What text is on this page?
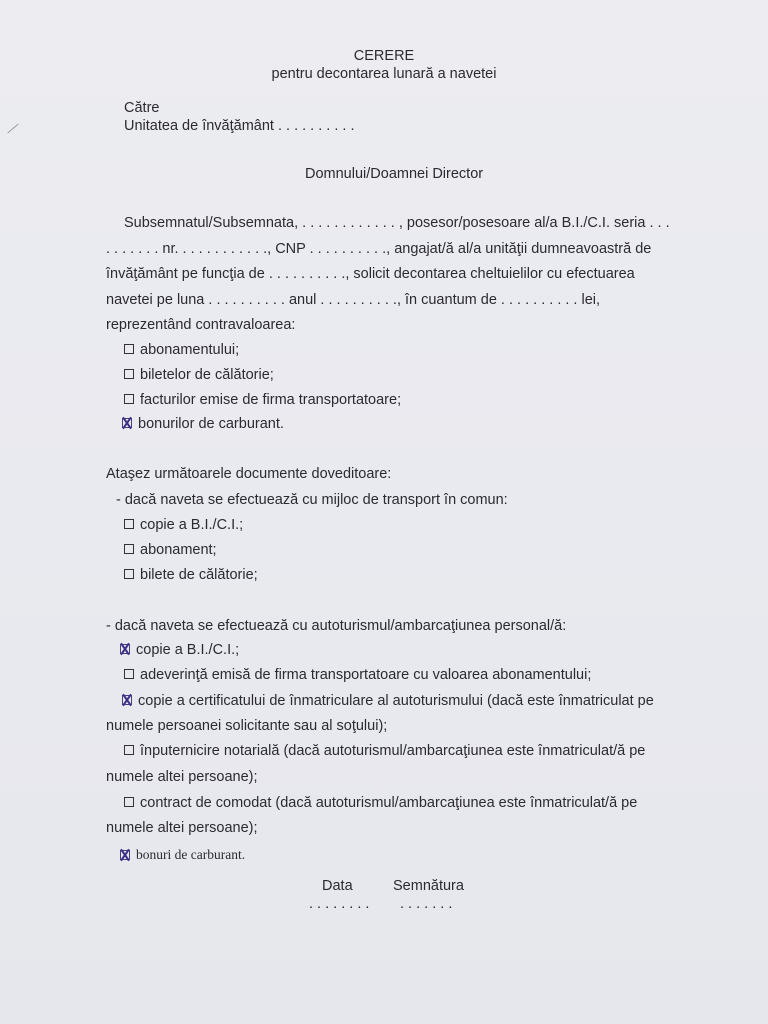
CERERE
pentru decontarea lunară a navetei
Către
Unitatea de învăţământ . . . . . . . . . .
Domnului/Doamnei Director
Subsemnatul/Subsemnata, . . . . . . . . . . . . , posesor/posesoare al/a B.I./C.I. seria . . .
. . . . . . . nr. . . . . . . . . . . ., CNP . . . . . . . . . ., angajat/ă al/a unităţii dumneavoastră de
învăţământ pe funcţia de . . . . . . . . . ., solicit decontarea cheltuielilor cu efectuarea
navetei pe luna . . . . . . . . . . anul . . . . . . . . . ., în cuantum de . . . . . . . . . . lei,
reprezentând contravaloarea:
abonamentului;
biletelor de călătorie;
facturilor emise de firma transportatoare;
bonurilor de carburant.
Ataşez următoarele documente doveditoare:
- dacă naveta se efectuează cu mijloc de transport în comun:
copie a B.I./C.I.;
abonament;
bilete de călătorie;
- dacă naveta se efectuează cu autoturismul/ambarcaţiunea personal/ă:
copie a B.I./C.I.;
adeverinţă emisă de firma transportatoare cu valoarea abonamentului;
copie a certificatului de înmatriculare al autoturismului (dacă este înmatriculat pe
numele persoanei solicitante sau al soţului);
înputernicire notarială (dacă autoturismul/ambarcaţiunea este înmatriculat/ă pe
numele altei persoane);
contract de comodat (dacă autoturismul/ambarcaţiunea este înmatriculat/ă pe
numele altei persoane);
bonuri de carburant.
Data
. . . . . . . .
Semnătura
. . . . . . .
